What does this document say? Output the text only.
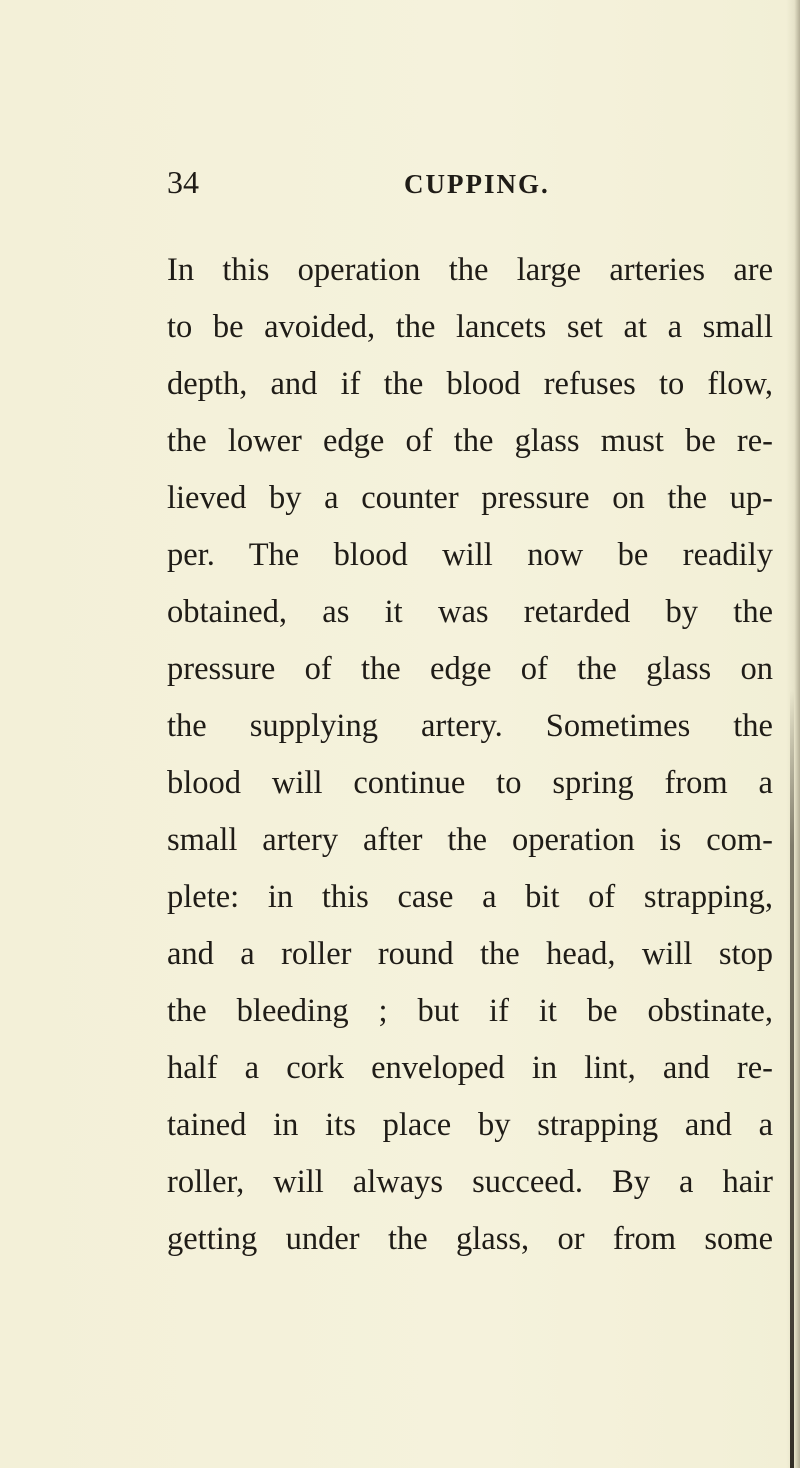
34	CUPPING.
In this operation the large arteries are
to be avoided, the lancets set at a small
depth, and if the blood refuses to flow,
the lower edge of the glass must be re-
lieved by a counter pressure on the up-
per. The blood will now be readily
obtained, as it was retarded by the
pressure of the edge of the glass on
the supplying artery. Sometimes the
blood will continue to spring from a
small artery after the operation is com-
plete: in this case a bit of strapping,
and a roller round the head, will stop
the bleeding ; but if it be obstinate,
half a cork enveloped in lint, and re-
tained in its place by strapping and a
roller, will always succeed. By a hair
getting under the glass, or from some
